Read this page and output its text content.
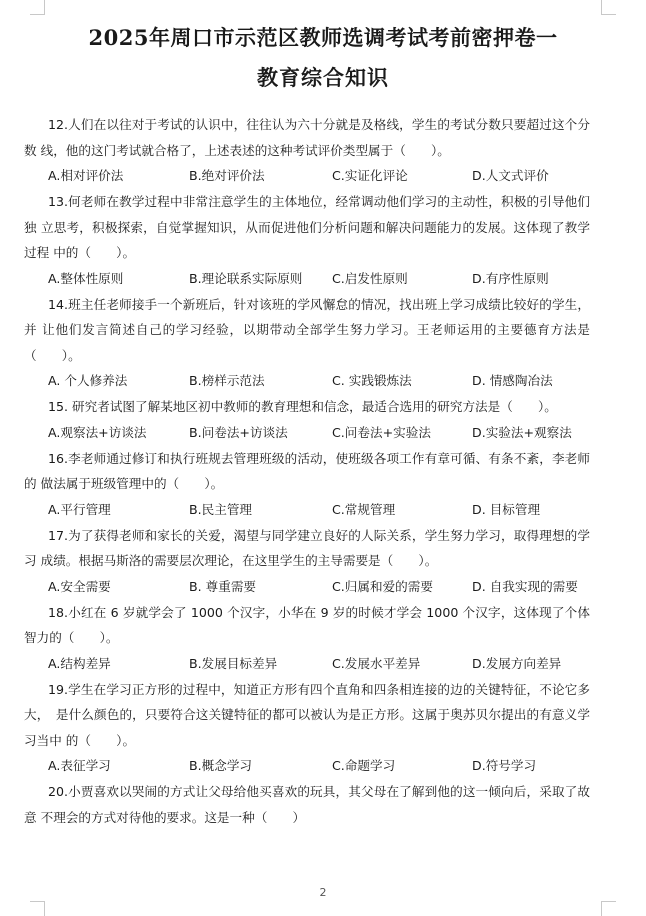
2025年周口市示范区教师选调考试考前密押卷一
教育综合知识
12.人们在以往对于考试的认识中，往往认为六十分就是及格线，学生的考试分数只要超过这个分数 线，他的这门考试就合格了，上述表述的这种考试评价类型属于（　　）。
A.相对评价法	B.绝对评价法	C.实证化评论	D.人文式评价
13.何老师在教学过程中非常注意学生的主体地位，经常调动他们学习的主动性，积极的引导他们独 立思考，积极探索，自觉掌握知识，从而促进他们分析问题和解决问题能力的发展。这体现了教学过程 中的（　　）。
A.整体性原则	B.理论联系实际原则 C.启发性原则	D.有序性原则
14.班主任老师接手一个新班后，针对该班的学风懈怠的情况，找出班上学习成绩比较好的学生，并 让他们发言简述自己的学习经验，以期带动全部学生努力学习。王老师运用的主要德育方法是（　　）。
A. 个人修养法	B.榜样示范法	C. 实践锻炼法	D. 情感陶冶法
15. 研究者试图了解某地区初中教师的教育理想和信念，最适合选用的研究方法是（　　）。
A.观察法+访谈法	B.问卷法+访谈法	C.问卷法+实验法	D.实验法+观察法
16.李老师通过修订和执行班规去管理班级的活动，使班级各项工作有章可循、有条不紊，李老师的 做法属于班级管理中的（　　）。
A.平行管理	B.民主管理	C.常规管理	D. 目标管理
17.为了获得老师和家长的关爱，渴望与同学建立良好的人际关系，学生努力学习，取得理想的学习 成绩。根据马斯洛的需要层次理论，在这里学生的主导需要是（　　）。
A.安全需要	B. 尊重需要	C.归属和爱的需要	D. 自我实现的需要
18.小红在 6 岁就学会了 1000 个汉字，小华在 9 岁的时候才学会 1000 个汉字，这体现了个体智力的（　　）。
A.结构差异	B.发展目标差异	C.发展水平差异	D.发展方向差异
19.学生在学习正方形的过程中，知道正方形有四个直角和四条相连接的边的关键特征，不论它多大，　是什么颜色的，只要符合这关键特征的都可以被认为是正方形。这属于奥苏贝尔提出的有意义学习当中 的（　　）。
A.表征学习	B.概念学习	C.命题学习	D.符号学习
20.小贾喜欢以哭闹的方式让父母给他买喜欢的玩具，其父母在了解到他的这一倾向后，采取了故意 不理会的方式对待他的要求。这是一种（　　）
2
